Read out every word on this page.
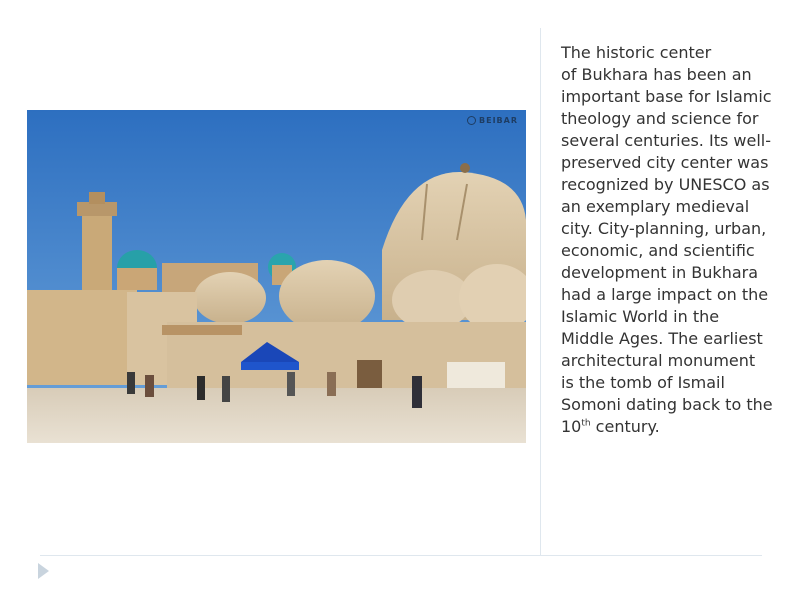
BEIBAR

The historic center
of Bukhara has been an important base for Islamic theology and science for several centuries. Its well-preserved city center was recognized by UNESCO as an exemplary medieval city. City-planning, urban, economic, and scientific development in Bukhara had a large impact on the Islamic World in the Middle Ages. The earliest architectural monument is the tomb of Ismail Somoni dating back to the 10th century.
